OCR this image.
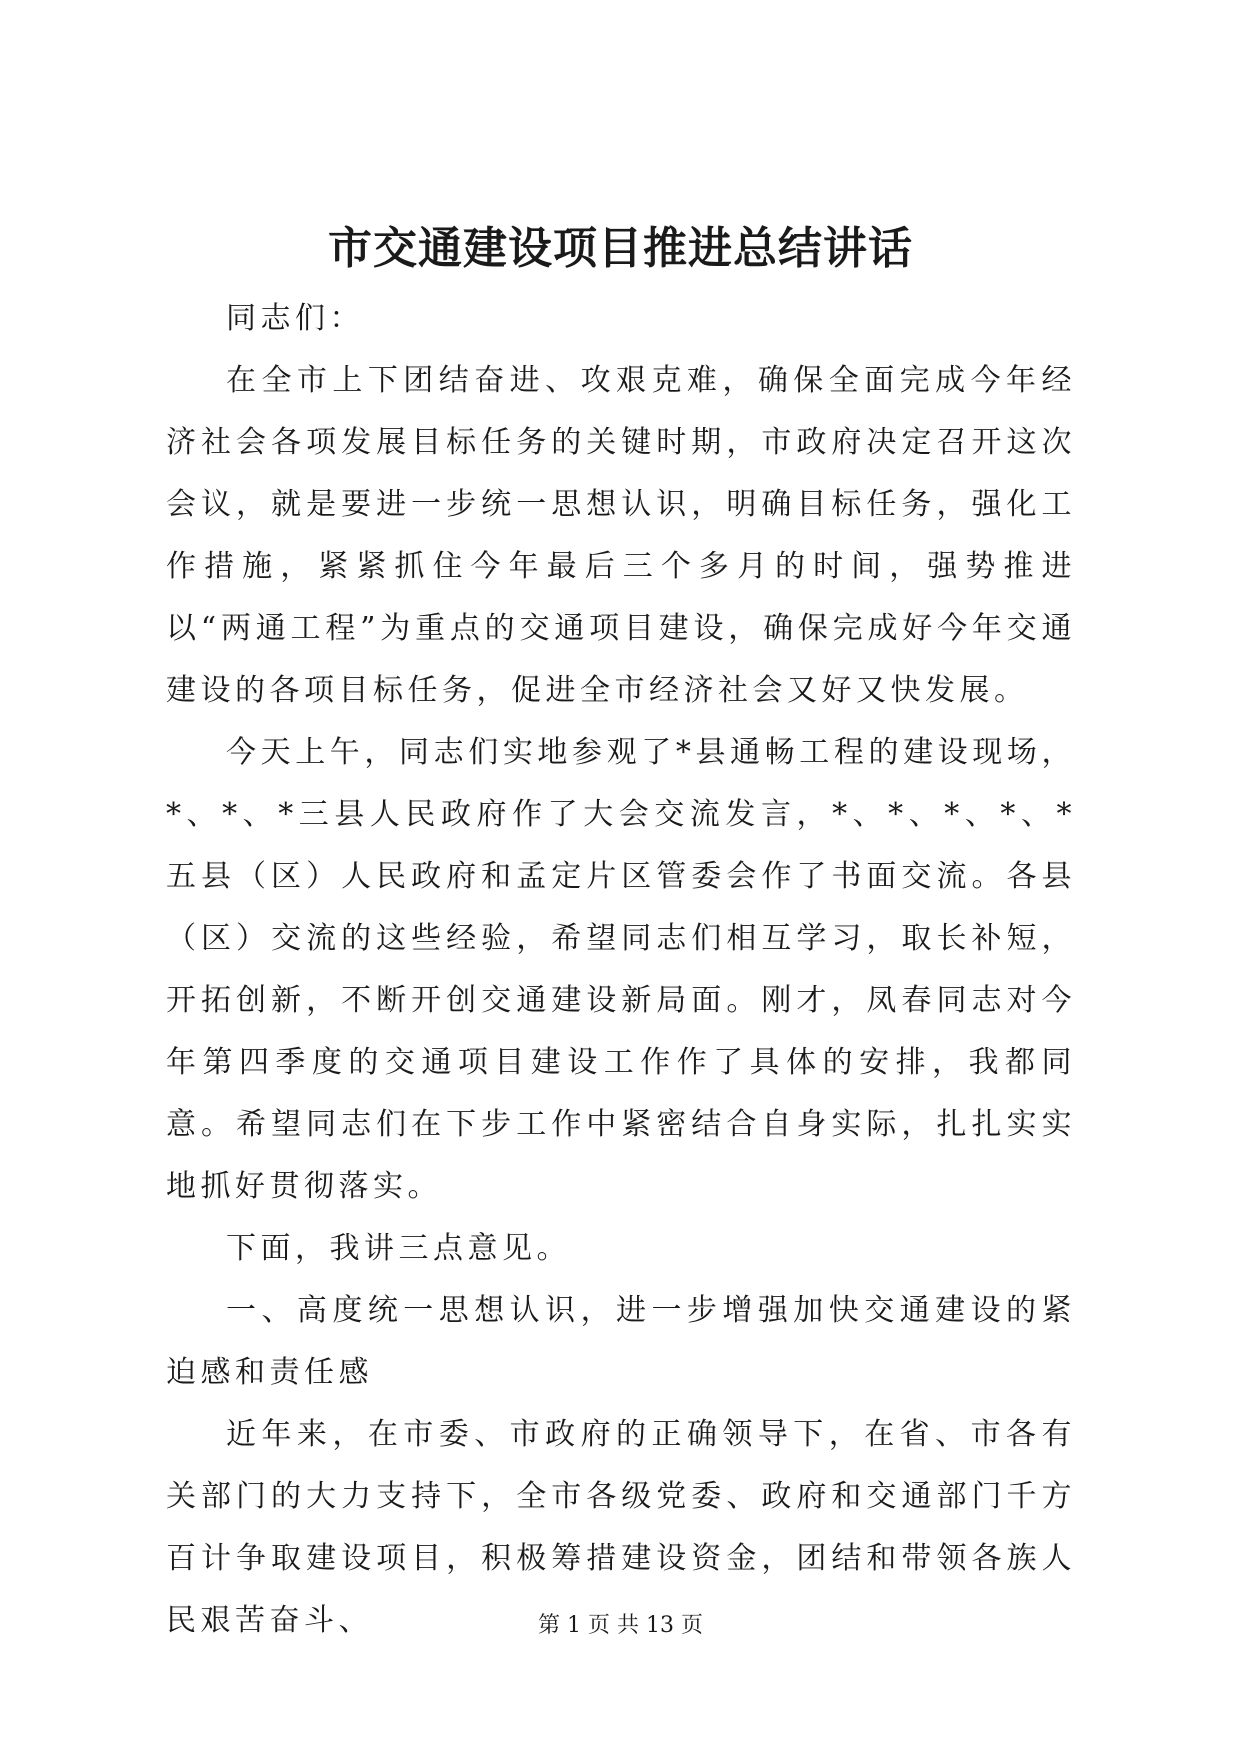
市交通建设项目推进总结讲话

同志们：

在全市上下团结奋进、攻艰克难，确保全面完成今年经济社会各项发展目标任务的关键时期，市政府决定召开这次会议，就是要进一步统一思想认识，明确目标任务，强化工作措施，紧紧抓住今年最后三个多月的时间，强势推进以“两通工程”为重点的交通项目建设，确保完成好今年交通建设的各项目标任务，促进全市经济社会又好又快发展。

今天上午，同志们实地参观了*县通畅工程的建设现场，*、*、*三县人民政府作了大会交流发言，*、*、*、*、*五县（区）人民政府和孟定片区管委会作了书面交流。各县（区）交流的这些经验，希望同志们相互学习，取长补短，开拓创新，不断开创交通建设新局面。刚才，凤春同志对今年第四季度的交通项目建设工作作了具体的安排，我都同意。希望同志们在下步工作中紧密结合自身实际，扎扎实实地抓好贯彻落实。

下面，我讲三点意见。

一、高度统一思想认识，进一步增强加快交通建设的紧迫感和责任感

近年来，在市委、市政府的正确领导下，在省、市各有关部门的大力支持下，全市各级党委、政府和交通部门千方百计争取建设项目，积极筹措建设资金，团结和带领各族人民艰苦奋斗、	第 1 页 共 13 页
